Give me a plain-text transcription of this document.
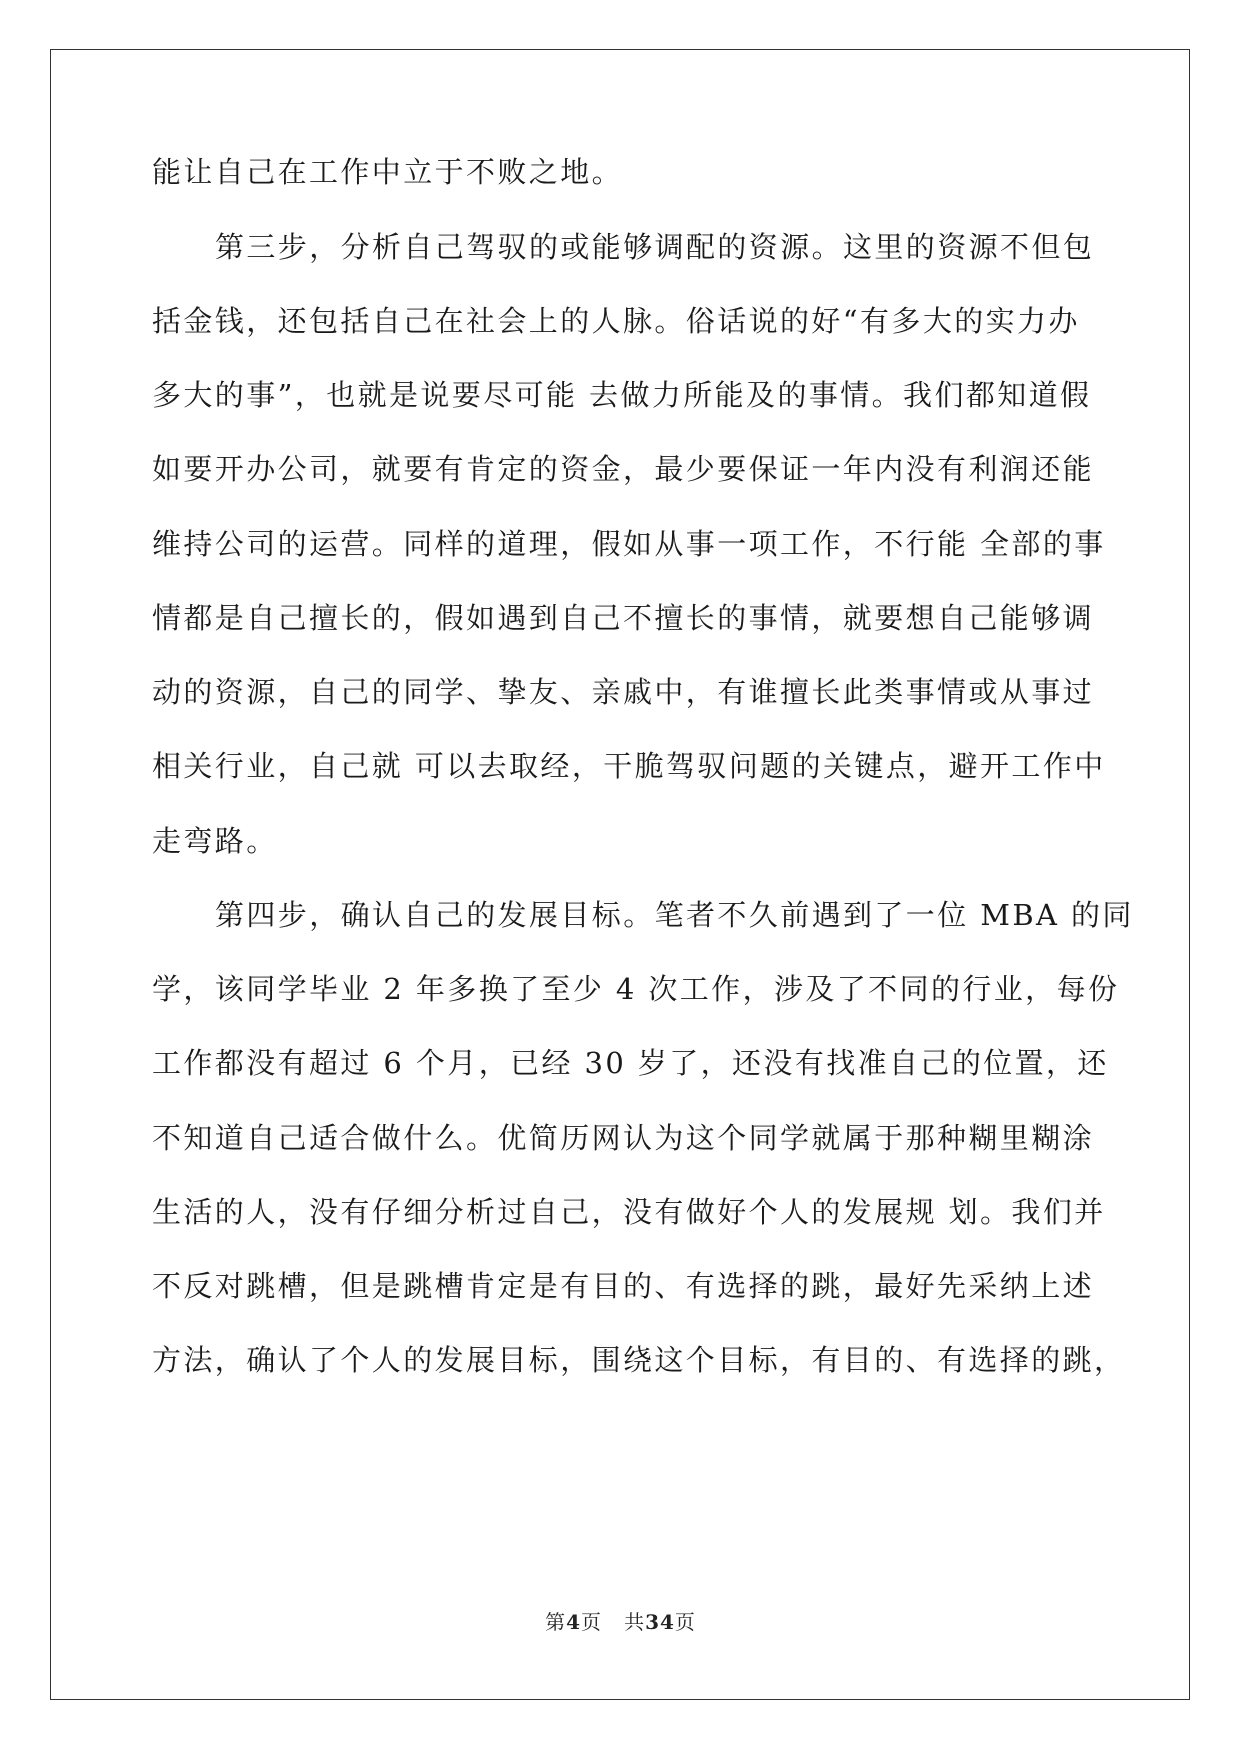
能让自己在工作中立于不败之地。
第三步，分析自己驾驭的或能够调配的资源。这里的资源不但包
括金钱，还包括自己在社会上的人脉。俗话说的好“有多大的实力办
多大的事”，也就是说要尽可能 去做力所能及的事情。我们都知道假
如要开办公司，就要有肯定的资金，最少要保证一年内没有利润还能
维持公司的运营。同样的道理，假如从事一项工作，不行能 全部的事
情都是自己擅长的，假如遇到自己不擅长的事情，就要想自己能够调
动的资源，自己的同学、挚友、亲戚中，有谁擅长此类事情或从事过
相关行业，自己就 可以去取经，干脆驾驭问题的关键点，避开工作中
走弯路。
第四步，确认自己的发展目标。笔者不久前遇到了一位 MBA 的同
学，该同学毕业 2 年多换了至少 4 次工作，涉及了不同的行业，每份
工作都没有超过 6 个月，已经 30 岁了，还没有找准自己的位置，还
不知道自己适合做什么。优简历网认为这个同学就属于那种糊里糊涂
生活的人，没有仔细分析过自己，没有做好个人的发展规 划。我们并
不反对跳槽，但是跳槽肯定是有目的、有选择的跳，最好先采纳上述
方法，确认了个人的发展目标，围绕这个目标，有目的、有选择的跳，
第4页   共34页
